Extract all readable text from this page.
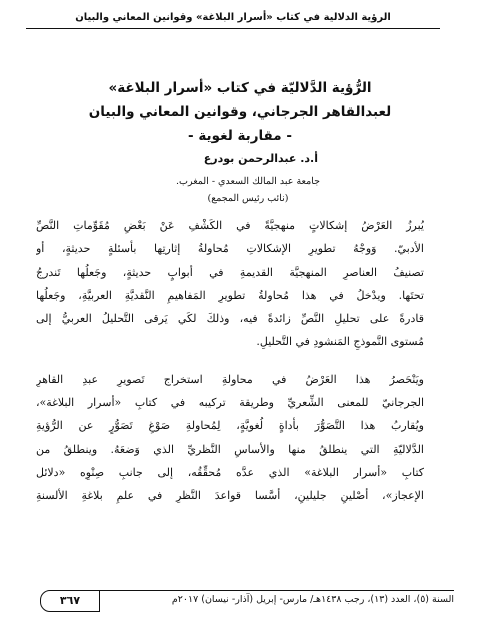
الرؤية الدلالية في كتاب «أسرار البلاغة» وقوانين المعاني والبيان
الرُّؤية الدَّلاليّة في كتاب «أسرار البلاغة»
لعبدالقاهر الجرجاني، وقوانين المعاني والبيان
- مقاربة لغوية -
أ.د. عبدالرحمن بودرع
جامعة عبد المالك السعدي - المغرب.
(نائب رئيس المجمع)
يُبرزُ العَرْضُ إشكالاتٍ منهجيَّةً في الكَشْفِ عَنْ بَعْضِ مُقَوِّماتِ النَّصِّ
الأدبيّ. وَوجْهُ تطويرِ الإشكالاتِ مُحاولةُ إثارتِها بأسئلةٍ حديثةٍ، أو
تصنيفُ العناصرِ المنهجيَّة القديمةِ في أبوابٍ حديثةٍ، وجَعلُها تَندرجُ
تحتَها. ويدْخلُ في هذا مُحاولةُ تطويرِ المَفاهيمِ النَّقديَّةِ العربيَّةِ، وجَعلُها
قادرةً على تحليلِ النَّصِّ زائدةً فيه، وذلكَ لكَي يَرقى التَّحليلُ العربيُّ إلى
مُستوى النَّموذجِ المَنشودِ في التَّحليلِ.
ويَنْحَصرُ هذا العَرْضُ في محاولةِ استخراج تَصويرِ عبدِ القاهرِ
الجرجانيّ للمعنى الشِّعريِّ وطريقة تركيبه في كتابِ «أسرار البلاغة»،
ويُقاربُ هذا التَّصَوُّرَ بأداةٍ لُغويَّةٍ، لِمُحاولةِ صَوْغِ تَصَوُّرٍ عن الرُّؤيةِ
الدَّلاليّةِ التي ينطلقُ منها والأساسِ النَّظريِّ الذي وَضعَهُ. وينطلقُ من
كتابِ «أسرار البلاغة» الذي عدَّه مُحقِّقُه، إلى جانبِ صِنْوِه «دلائل
الإعجاز»، أصْلينِ جليلينِ، أسَّسا قواعدَ النَّظرِ في علمِ بلاغةِ الألسنةِ
٣٦٧	السنة (٥)، العدد (١٣)، رجب ١٤٣٨هـ/ مارس- إبريل (آذار- نيسان) ٢٠١٧م
